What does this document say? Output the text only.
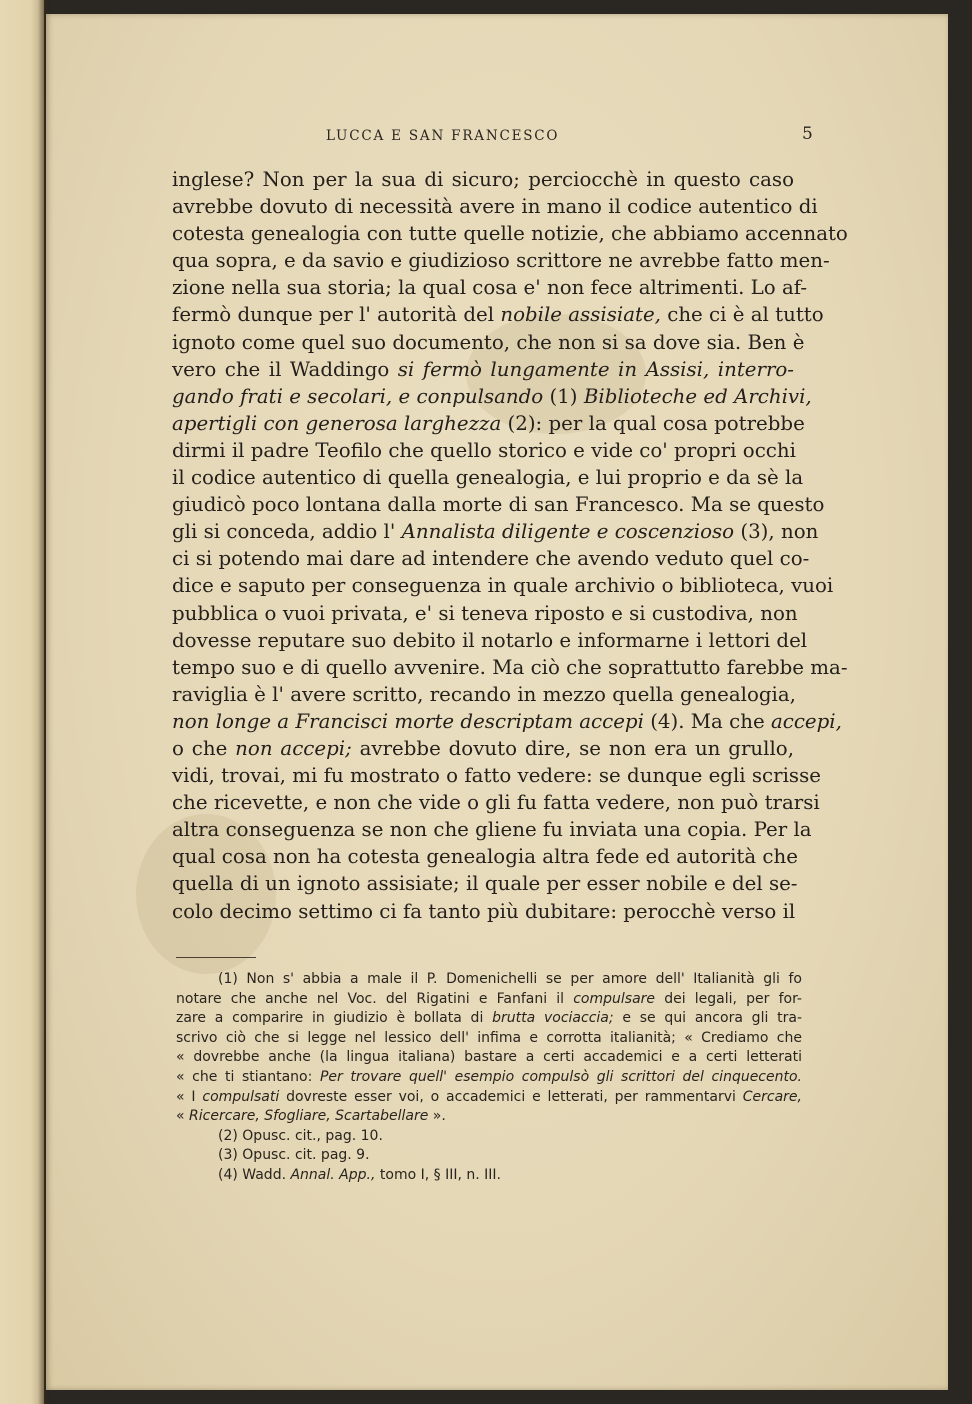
LUCCA E SAN FRANCESCO	5
inglese? Non per la sua di sicuro; perciocchè in questo caso
avrebbe dovuto di necessità avere in mano il codice autentico di
cotesta genealogia con tutte quelle notizie, che abbiamo accennato
qua sopra, e da savio e giudizioso scrittore ne avrebbe fatto men-
zione nella sua storia; la qual cosa e' non fece altrimenti. Lo af-
fermò dunque per l' autorità del nobile assisiate, che ci è al tutto
ignoto come quel suo documento, che non si sa dove sia. Ben è
vero che il Waddingo si fermò lungamente in Assisi, interro-
gando frati e secolari, e conpulsando (1) Biblioteche ed Archivi,
apertigli con generosa larghezza (2): per la qual cosa potrebbe
dirmi il padre Teofilo che quello storico e vide co' propri occhi
il codice autentico di quella genealogia, e lui proprio e da sè la
giudicò poco lontana dalla morte di san Francesco. Ma se questo
gli si conceda, addio l' Annalista diligente e coscenzioso (3), non
ci si potendo mai dare ad intendere che avendo veduto quel co-
dice e saputo per conseguenza in quale archivio o biblioteca, vuoi
pubblica o vuoi privata, e' si teneva riposto e si custodiva, non
dovesse reputare suo debito il notarlo e informarne i lettori del
tempo suo e di quello avvenire. Ma ciò che soprattutto farebbe ma-
raviglia è l' avere scritto, recando in mezzo quella genealogia,
non longe a Francisci morte descriptam accepi (4). Ma che accepi,
o che non accepi; avrebbe dovuto dire, se non era un grullo,
vidi, trovai, mi fu mostrato o fatto vedere: se dunque egli scrisse
che ricevette, e non che vide o gli fu fatta vedere, non può trarsi
altra conseguenza se non che gliene fu inviata una copia. Per la
qual cosa non ha cotesta genealogia altra fede ed autorità che
quella di un ignoto assisiate; il quale per esser nobile e del se-
colo decimo settimo ci fa tanto più dubitare: perocchè verso il
(1) Non s' abbia a male il P. Domenichelli se per amore dell' Italianità gli fo
notare che anche nel Voc. del Rigatini e Fanfani il compulsare dei legali, per for-
zare a comparire in giudizio è bollata di brutta vociaccia; e se qui ancora gli tra-
scrivo ciò che si legge nel lessico dell' infima e corrotta italianità; « Crediamo che
« dovrebbe anche (la lingua italiana) bastare a certi accademici e a certi letterati
« che ti stiantano: Per trovare quell' esempio compulsò gli scrittori del cinquecento.
« I compulsati dovreste esser voi, o accademici e letterati, per rammentarvi Cercare,
« Ricercare, Sfogliare, Scartabellare ».
(2) Opusc. cit., pag. 10.
(3) Opusc. cit. pag. 9.
(4) Wadd. Annal. App., tomo I, § III, n. III.
